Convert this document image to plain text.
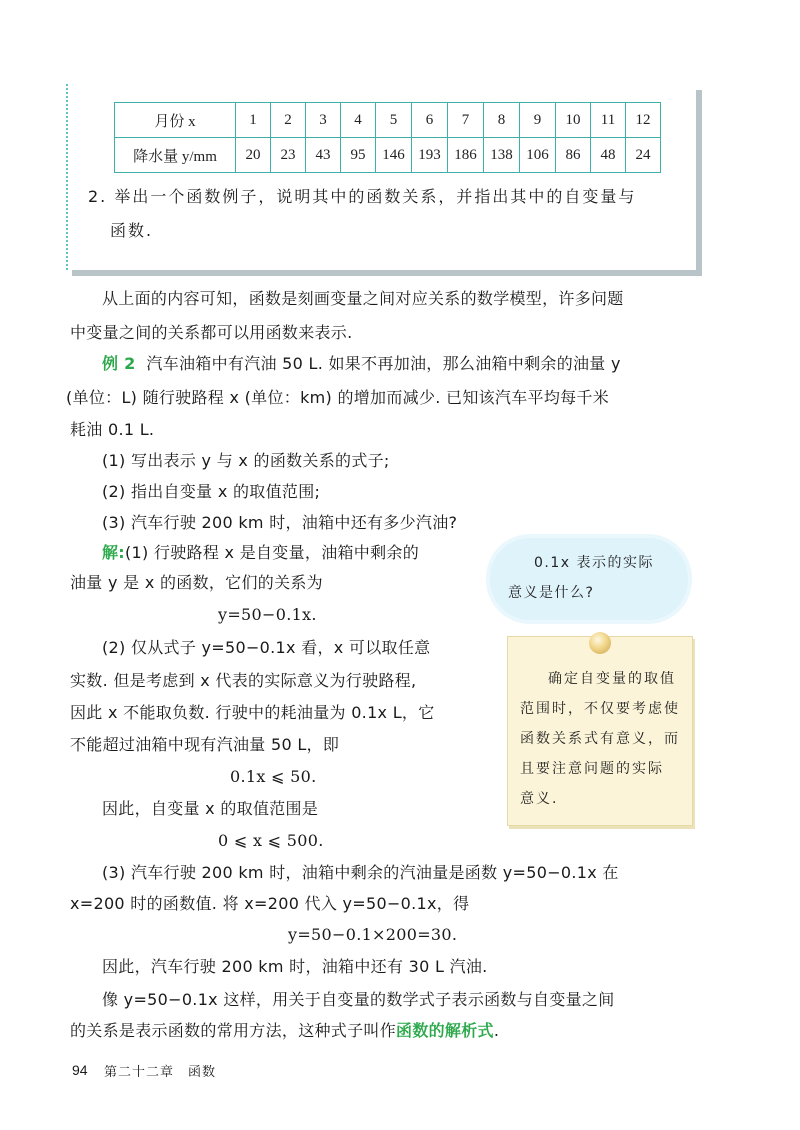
月份 x	1	2	3	4	5	6	7	8	9	10	11	12
降水量 y/mm	20	23	43	95	146	193	186	138	106	86	48	24
2. 举出一个函数例子，说明其中的函数关系，并指出其中的自变量与
函数.
从上面的内容可知，函数是刻画变量之间对应关系的数学模型，许多问题
中变量之间的关系都可以用函数来表示.
例 2 汽车油箱中有汽油 50 L. 如果不再加油，那么油箱中剩余的油量 y
(单位：L) 随行驶路程 x (单位：km) 的增加而减少. 已知该汽车平均每千米
耗油 0.1 L.
(1) 写出表示 y 与 x 的函数关系的式子;
(2) 指出自变量 x 的取值范围;
(3) 汽车行驶 200 km 时，油箱中还有多少汽油?
解:(1) 行驶路程 x 是自变量，油箱中剩余的
油量 y 是 x 的函数，它们的关系为
y=50−0.1x.
(2) 仅从式子 y=50−0.1x 看，x 可以取任意
实数. 但是考虑到 x 代表的实际意义为行驶路程,
因此 x 不能取负数. 行驶中的耗油量为 0.1x L，它
不能超过油箱中现有汽油量 50 L，即
0.1x ⩽ 50.
因此，自变量 x 的取值范围是
0 ⩽ x ⩽ 500.
(3) 汽车行驶 200 km 时，油箱中剩余的汽油量是函数 y=50−0.1x 在
x=200 时的函数值. 将 x=200 代入 y=50−0.1x，得
y=50−0.1×200=30.
因此，汽车行驶 200 km 时，油箱中还有 30 L 汽油.
像 y=50−0.1x 这样，用关于自变量的数学式子表示函数与自变量之间
的关系是表示函数的常用方法，这种式子叫作函数的解析式.
0.1x 表示的实际
意义是什么?
确定自变量的取值
范围时，不仅要考虑使
函数关系式有意义，而
且要注意问题的实际
意义.
94 第二十二章　函数
